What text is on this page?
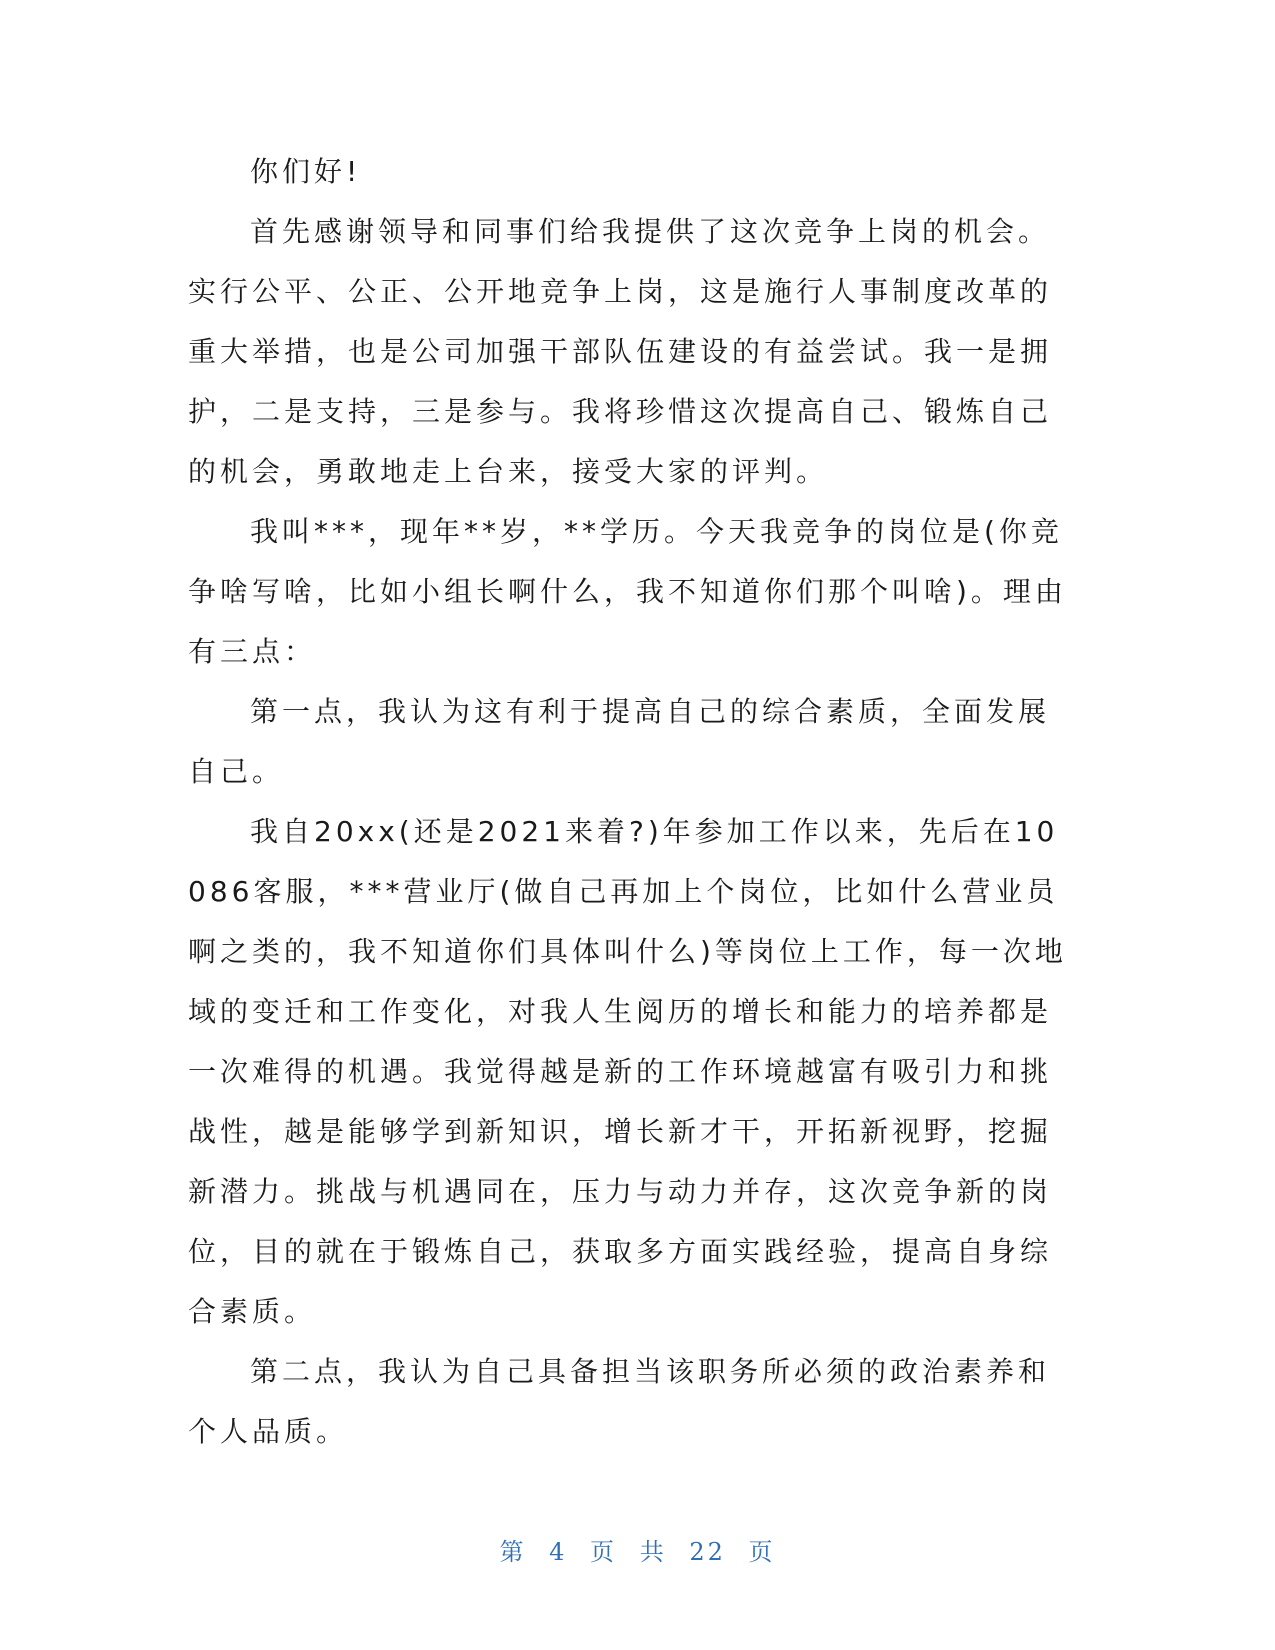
你们好!

首先感谢领导和同事们给我提供了这次竞争上岗的机会。实行公平、公正、公开地竞争上岗，这是施行人事制度改革的重大举措，也是公司加强干部队伍建设的有益尝试。我一是拥护，二是支持，三是参与。我将珍惜这次提高自己、锻炼自己的机会，勇敢地走上台来，接受大家的评判。

我叫***，现年**岁，**学历。今天我竞争的岗位是(你竞争啥写啥，比如小组长啊什么，我不知道你们那个叫啥)。理由有三点：

第一点，我认为这有利于提高自己的综合素质，全面发展自己。

我自20xx(还是2021来着?)年参加工作以来，先后在10086客服，***营业厅(做自己再加上个岗位，比如什么营业员啊之类的，我不知道你们具体叫什么)等岗位上工作，每一次地域的变迁和工作变化，对我人生阅历的增长和能力的培养都是一次难得的机遇。我觉得越是新的工作环境越富有吸引力和挑战性，越是能够学到新知识，增长新才干，开拓新视野，挖掘新潜力。挑战与机遇同在，压力与动力并存，这次竞争新的岗位，目的就在于锻炼自己，获取多方面实践经验，提高自身综合素质。

第二点，我认为自己具备担当该职务所必须的政治素养和个人品质。

第 4 页 共 22 页
